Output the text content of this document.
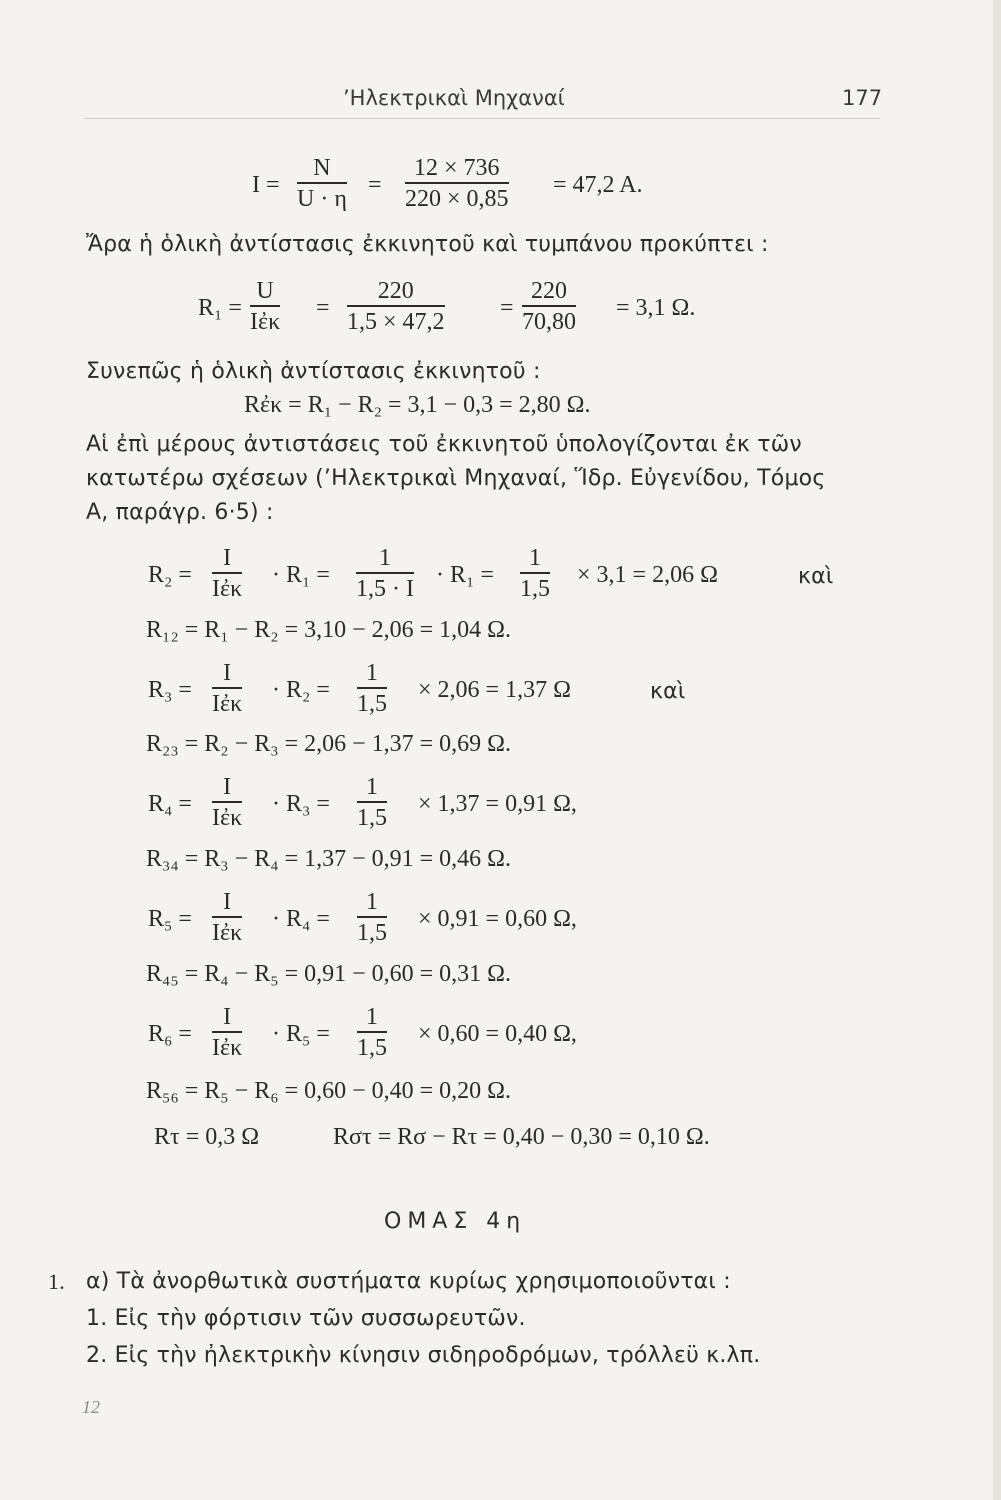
’Ηλεκτρικαὶ Μηχαναί	177
I =
N
U · η
=
12 × 736
220 × 0,85
= 47,2 A.
Ἄρα ἡ ὁλικὴ ἀντίστασις ἐκκινητοῦ καὶ τυμπάνου προκύπτει :
R₁ =
U
Iἐκ
=
220
1,5 × 47,2
=
220
70,80
= 3,1 Ω.
Συνεπῶς ἡ ὁλικὴ ἀντίστασις ἐκκινητοῦ :
Rἐκ = R₁ − R₂ = 3,1 − 0,3 = 2,80 Ω.
Αἱ ἐπὶ μέρους ἀντιστάσεις τοῦ ἐκκινητοῦ ὑπολογίζονται ἐκ τῶν
κατωτέρω σχέσεων (’Ηλεκτρικαὶ Μηχαναί, Ἵδρ. Εὐγενίδου, Τόμος
Α, παράγρ. 6·5) :
R₂ =
I
Iἐκ
· R₁ =
1
1,5 · I
· R₁ =
1
1,5
× 3,1 = 2,06 Ω	καὶ
R₁₂ = R₁ − R₂ = 3,10 − 2,06 = 1,04 Ω.
R₃ =
I
Iἐκ
· R₂ =
1
1,5
× 2,06 = 1,37 Ω	καὶ
R₂₃ = R₂ − R₃ = 2,06 − 1,37 = 0,69 Ω.
R₄ =
I
Iἐκ
· R₃ =
1
1,5
× 1,37 = 0,91 Ω,
R₃₄ = R₃ − R₄ = 1,37 − 0,91 = 0,46 Ω.
R₅ =
I
Iἐκ
· R₄ =
1
1,5
× 0,91 = 0,60 Ω,
R₄₅ = R₄ − R₅ = 0,91 − 0,60 = 0,31 Ω.
R₆ =
I
Iἐκ
· R₅ =
1
1,5
× 0,60 = 0,40 Ω,
R₅₆ = R₅ − R₆ = 0,60 − 0,40 = 0,20 Ω.
Rτ = 0,3 Ω	Rστ = Rσ − Rτ = 0,40 − 0,30 = 0,10 Ω.
ΟΜΑΣ 4η
1. α) Τὰ ἀνορθωτικὰ συστήματα κυρίως χρησιμοποιοῦνται :
1. Εἰς τὴν φόρτισιν τῶν συσσωρευτῶν.
2. Εἰς τὴν ἠλεκτρικὴν κίνησιν σιδηροδρόμων, τρόλλεϋ κ.λπ.
12
